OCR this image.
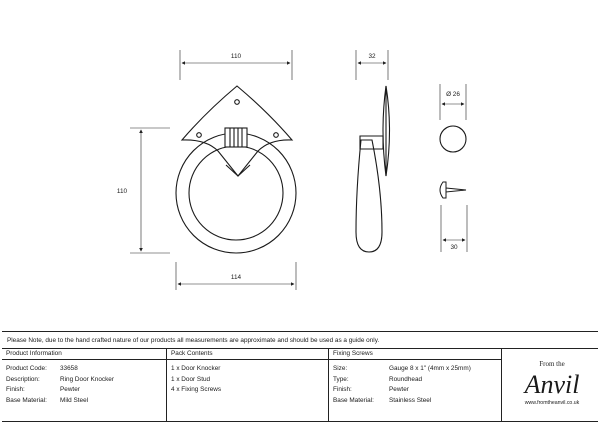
110
110
114
32
Ø 26
30
Please Note, due to the hand crafted nature of our products all measurements are approximate and should be used as a guide only.
Product Information
Product Code:	33658
Description:	Ring Door Knocker
Finish:	Pewter
Base Material:	Mild Steel
Pack Contents
1 x Door Knocker
1 x Door Stud
4 x Fixing Screws
Fixing Screws
Size:	Gauge 8 x 1" (4mm x 25mm)
Type:	Roundhead
Finish:	Pewter
Base Material:	Stainless Steel
From the
Anvil
www.fromtheanvil.co.uk
